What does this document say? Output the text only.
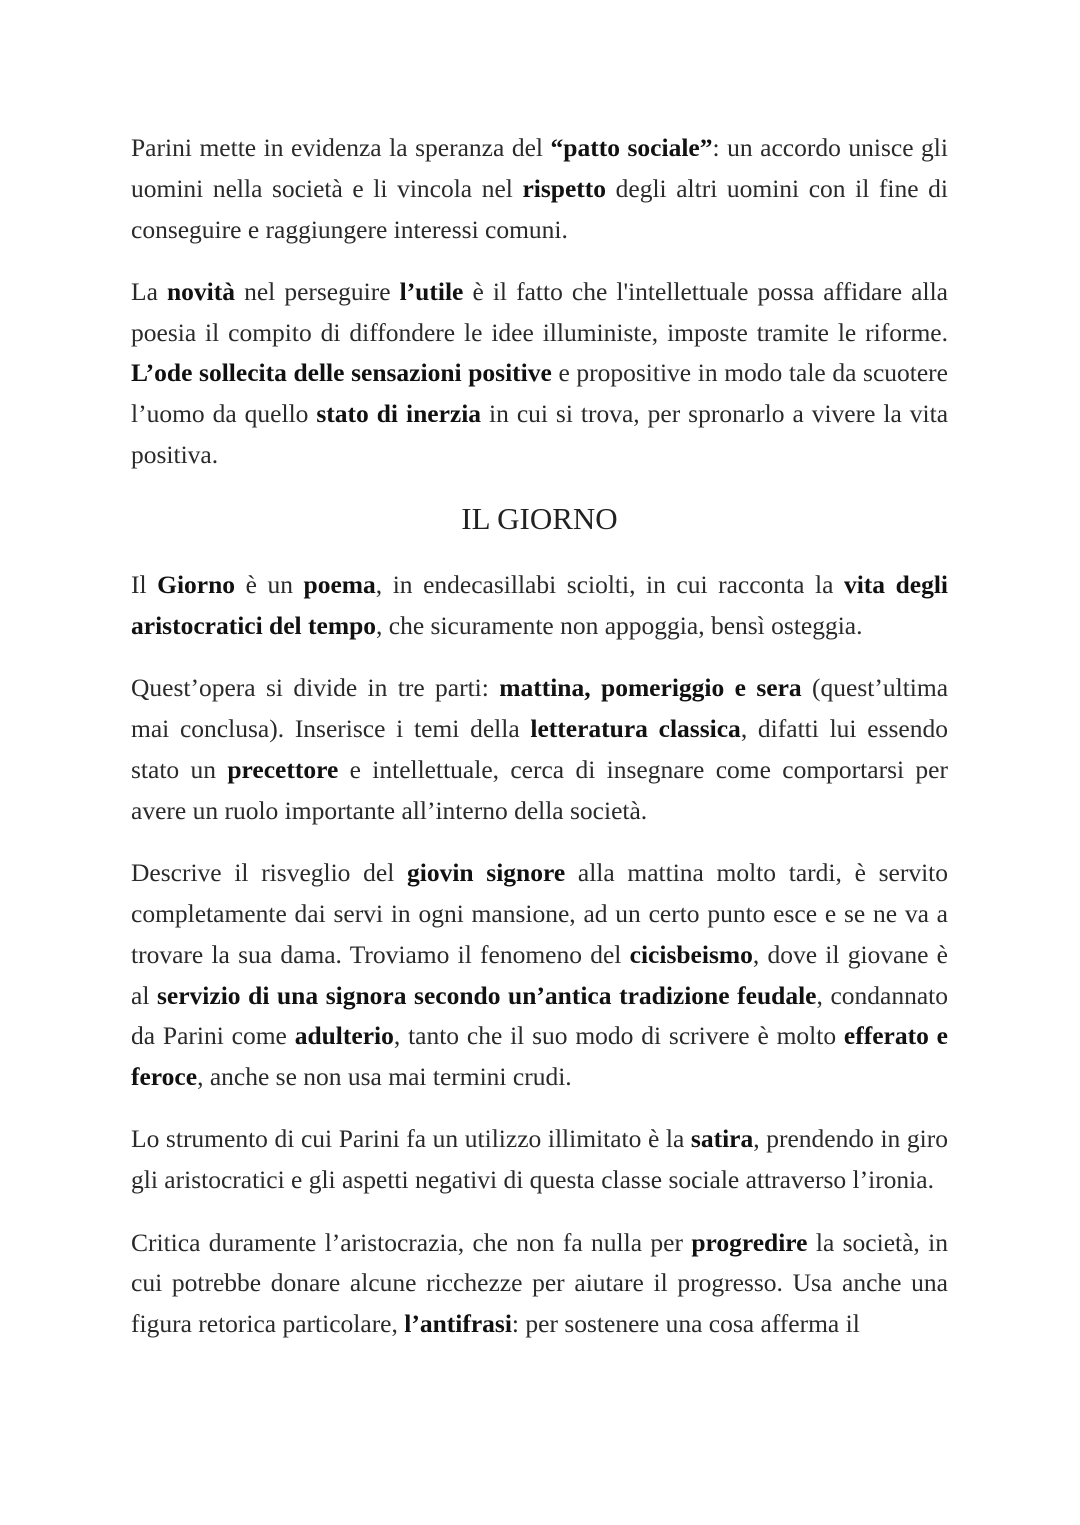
Parini mette in evidenza la speranza del “patto sociale”: un accordo unisce gli uomini nella società e li vincola nel rispetto degli altri uomini con il fine di conseguire e raggiungere interessi comuni.

La novità nel perseguire l’utile è il fatto che l'intellettuale possa affidare alla poesia il compito di diffondere le idee illuministe, imposte tramite le riforme. L’ode sollecita delle sensazioni positive e propositive in modo tale da scuotere l’uomo da quello stato di inerzia in cui si trova, per spronarlo a vivere la vita positiva.

IL GIORNO

Il Giorno è un poema, in endecasillabi sciolti, in cui racconta la vita degli aristocratici del tempo, che sicuramente non appoggia, bensì osteggia.

Quest’opera si divide in tre parti: mattina, pomeriggio e sera (quest’ultima mai conclusa). Inserisce i temi della letteratura classica, difatti lui essendo stato un precettore e intellettuale, cerca di insegnare come comportarsi per avere un ruolo importante all’interno della società.

Descrive il risveglio del giovin signore alla mattina molto tardi, è servito completamente dai servi in ogni mansione, ad un certo punto esce e se ne va a trovare la sua dama. Troviamo il fenomeno del cicisbeismo, dove il giovane è al servizio di una signora secondo un’antica tradizione feudale, condannato da Parini come adulterio, tanto che il suo modo di scrivere è molto efferato e feroce, anche se non usa mai termini crudi.

Lo strumento di cui Parini fa un utilizzo illimitato è la satira, prendendo in giro gli aristocratici e gli aspetti negativi di questa classe sociale attraverso l’ironia.

Critica duramente l’aristocrazia, che non fa nulla per progredire la società, in cui potrebbe donare alcune ricchezze per aiutare il progresso. Usa anche una figura retorica particolare, l’antifrasi: per sostenere una cosa afferma il
